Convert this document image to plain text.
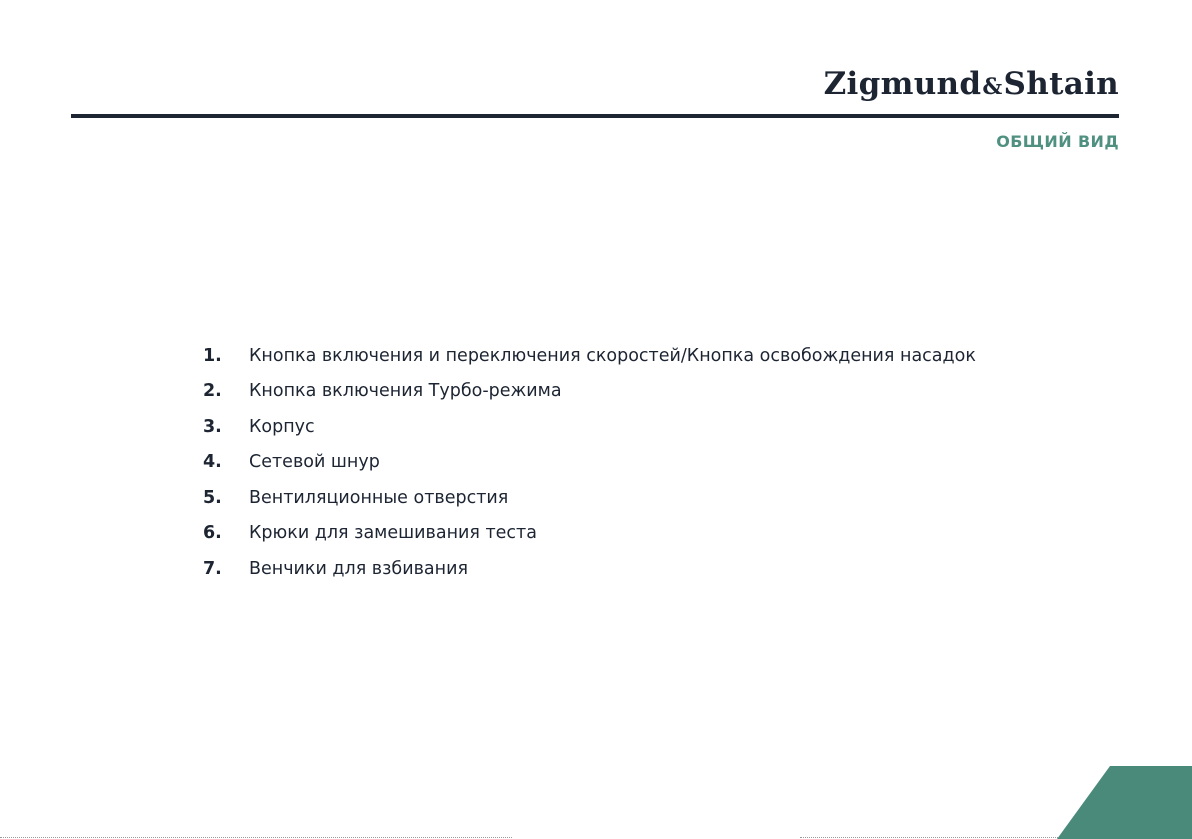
Zigmund&Shtain
ОБЩИЙ ВИД
1.	Кнопка включения и переключения скоростей/Кнопка освобождения насадок
2.	Кнопка включения Турбо-режима
3.	Корпус
4.	Сетевой шнур
5.	Вентиляционные отверстия
6.	Крюки для замешивания теста
7.	Венчики для взбивания
